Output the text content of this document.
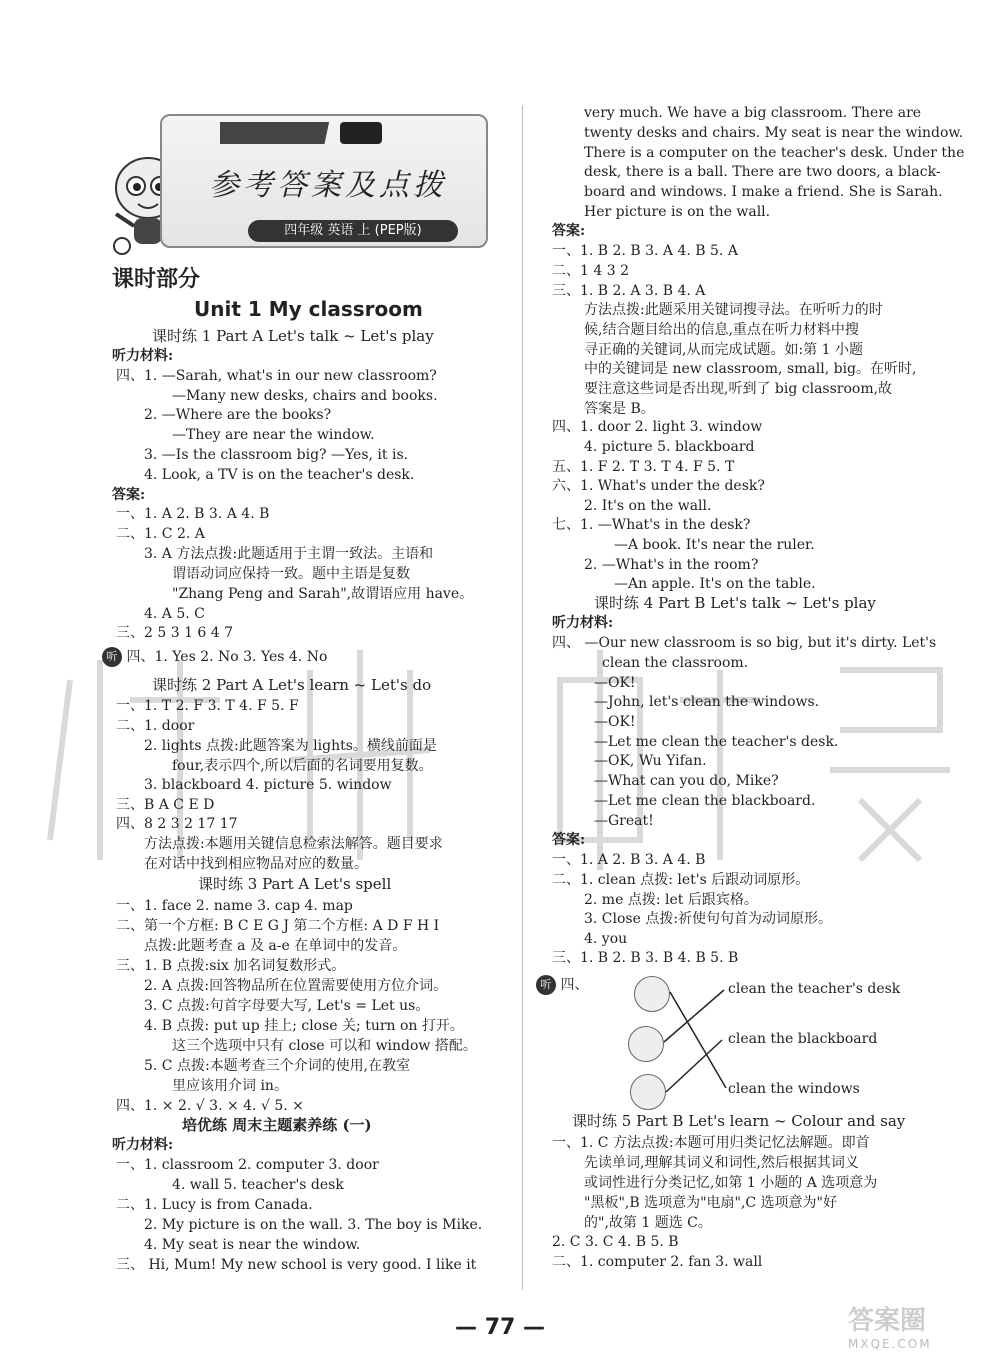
参考答案及点拨
四年级 英语 上 (PEP版)
课时部分
Unit 1 My classroom
课时练 1 Part A Let's talk ~ Let's play
听力材料:
四、1. —Sarah, what's in our new classroom?
—Many new desks, chairs and books.
2. —Where are the books?
—They are near the window.
3. —Is the classroom big? —Yes, it is.
4. Look, a TV is on the teacher's desk.
答案:
一、1. A 2. B 3. A 4. B
二、1. C 2. A
3. A 方法点拨:此题适用于主谓一致法。主语和
谓语动词应保持一致。题中主语是复数
"Zhang Peng and Sarah",故谓语应用 have。
4. A 5. C
三、2 5 3 1 6 4 7
听 四、1. Yes 2. No 3. Yes 4. No
课时练 2 Part A Let's learn ~ Let's do
一、1. T 2. F 3. T 4. F 5. F
二、1. door
2. lights 点拨:此题答案为 lights。横线前面是
four,表示四个,所以后面的名词要用复数。
3. blackboard 4. picture 5. window
三、B A C E D
四、8 2 3 2 17 17
方法点拨:本题用关键信息检索法解答。题目要求
在对话中找到相应物品对应的数量。
课时练 3 Part A Let's spell
一、1. face 2. name 3. cap 4. map
二、第一个方框: B C E G J 第二个方框: A D F H I
点拨:此题考查 a 及 a-e 在单词中的发音。
三、1. B 点拨:six 加名词复数形式。
2. A 点拨:回答物品所在位置需要使用方位介词。
3. C 点拨:句首字母要大写, Let's = Let us。
4. B 点拨: put up 挂上; close 关; turn on 打开。
这三个选项中只有 close 可以和 window 搭配。
5. C 点拨:本题考查三个介词的使用,在教室
里应该用介词 in。
四、1. × 2. √ 3. × 4. √ 5. ×
培优练 周末主题素养练 (一)
听力材料:
一、1. classroom 2. computer 3. door
4. wall 5. teacher's desk
二、1. Lucy is from Canada.
2. My picture is on the wall. 3. The boy is Mike.
4. My seat is near the window.
三、 Hi, Mum! My new school is very good. I like it
very much. We have a big classroom. There are
twenty desks and chairs. My seat is near the window.
There is a computer on the teacher's desk. Under the
desk, there is a ball. There are two doors, a black-
board and windows. I make a friend. She is Sarah.
Her picture is on the wall.
答案:
一、1. B 2. B 3. A 4. B 5. A
二、1 4 3 2
三、1. B 2. A 3. B 4. A
方法点拨:此题采用关键词搜寻法。在听听力的时
候,结合题目给出的信息,重点在听力材料中搜
寻正确的关键词,从而完成试题。如:第 1 小题
中的关键词是 new classroom, small, big。在听时,
要注意这些词是否出现,听到了 big classroom,故
答案是 B。
四、1. door 2. light 3. window
4. picture 5. blackboard
五、1. F 2. T 3. T 4. F 5. T
六、1. What's under the desk?
2. It's on the wall.
七、1. —What's in the desk?
—A book. It's near the ruler.
2. —What's in the room?
—An apple. It's on the table.
课时练 4 Part B Let's talk ~ Let's play
听力材料:
四、 —Our new classroom is so big, but it's dirty. Let's
clean the classroom.
—OK!
—John, let's clean the windows.
—OK!
—Let me clean the teacher's desk.
—OK, Wu Yifan.
—What can you do, Mike?
—Let me clean the blackboard.
—Great!
答案:
一、1. A 2. B 3. A 4. B
二、1. clean 点拨: let's 后跟动词原形。
2. me 点拨: let 后跟宾格。
3. Close 点拨:祈使句句首为动词原形。
4. you
三、1. B 2. B 3. B 4. B 5. B
听 四、	clean the teacher's desk
clean the blackboard
clean the windows
课时练 5 Part B Let's learn ~ Colour and say
一、1. C 方法点拨:本题可用归类记忆法解题。即首
先读单词,理解其词义和词性,然后根据其词义
或词性进行分类记忆,如第 1 小题的 A 选项意为
"黑板",B 选项意为"电扇",C 选项意为"好
的",故第 1 题选 C。
2. C 3. C 4. B 5. B
二、1. computer 2. fan 3. wall
— 77 —	答案圈
MXQE.COM
